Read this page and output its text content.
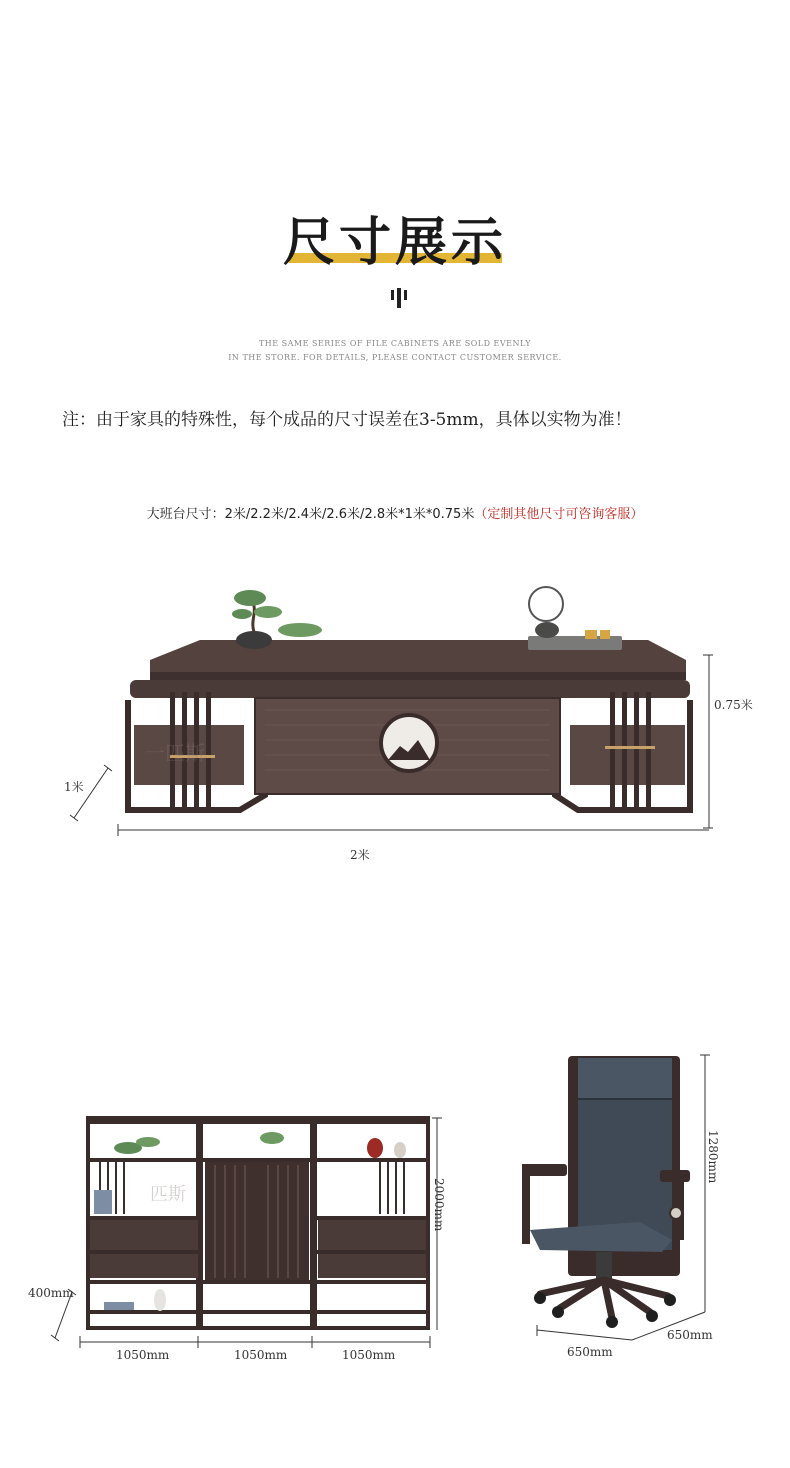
尺寸展示
THE SAME SERIES OF FILE CABINETS ARE SOLD EVENLY
IN THE STORE. FOR DETAILS, PLEASE CONTACT CUSTOMER SERVICE.
注：由于家具的特殊性，每个成品的尺寸误差在3-5mm，具体以实物为准！
大班台尺寸：2米/2.2米/2.4米/2.6米/2.8米*1米*0.75米（定制其他尺寸可咨询客服）
一匹斯
匹斯
0.75米
1米
2米
2000mm
400mm
1050mm	1050mm	1050mm
1280mm
650mm
650mm
